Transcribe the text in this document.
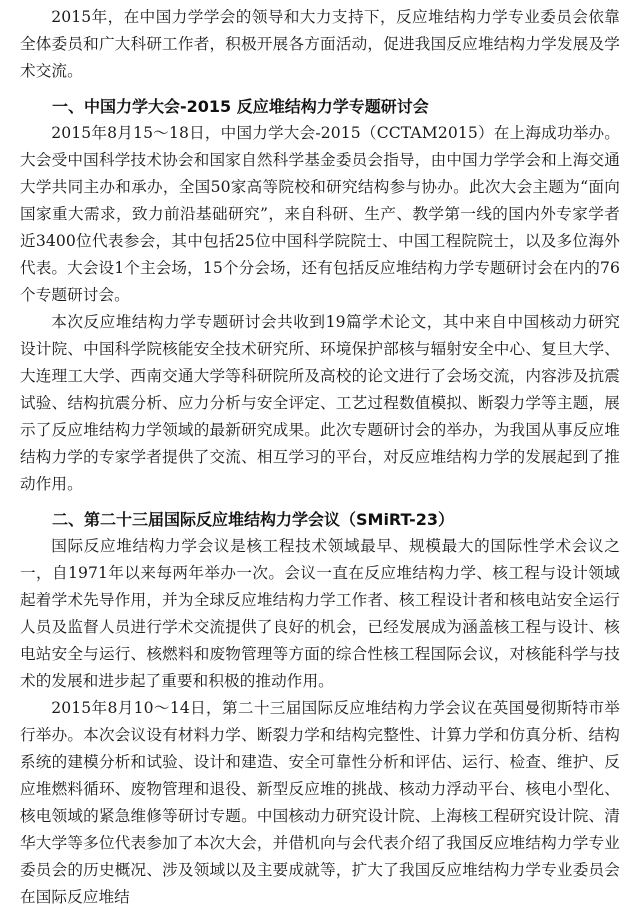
2015年，在中国力学学会的领导和大力支持下，反应堆结构力学专业委员会依靠全体委员和广大科研工作者，积极开展各方面活动，促进我国反应堆结构力学发展及学术交流。

一、中国力学大会-2015 反应堆结构力学专题研讨会

2015年8月15～18日，中国力学大会-2015（CCTAM2015）在上海成功举办。大会受中国科学技术协会和国家自然科学基金委员会指导，由中国力学学会和上海交通大学共同主办和承办，全国50家高等院校和研究结构参与协办。此次大会主题为“面向国家重大需求，致力前沿基础研究”，来自科研、生产、教学第一线的国内外专家学者近3400位代表参会，其中包括25位中国科学院院士、中国工程院院士，以及多位海外代表。大会设1个主会场，15个分会场，还有包括反应堆结构力学专题研讨会在内的76个专题研讨会。

本次反应堆结构力学专题研讨会共收到19篇学术论文，其中来自中国核动力研究设计院、中国科学院核能安全技术研究所、环境保护部核与辐射安全中心、复旦大学、大连理工大学、西南交通大学等科研院所及高校的论文进行了会场交流，内容涉及抗震试验、结构抗震分析、应力分析与安全评定、工艺过程数值模拟、断裂力学等主题，展示了反应堆结构力学领域的最新研究成果。此次专题研讨会的举办，为我国从事反应堆结构力学的专家学者提供了交流、相互学习的平台，对反应堆结构力学的发展起到了推动作用。

二、第二十三届国际反应堆结构力学会议（SMiRT-23）

国际反应堆结构力学会议是核工程技术领域最早、规模最大的国际性学术会议之一，自1971年以来每两年举办一次。会议一直在反应堆结构力学、核工程与设计领域起着学术先导作用，并为全球反应堆结构力学工作者、核工程设计者和核电站安全运行人员及监督人员进行学术交流提供了良好的机会，已经发展成为涵盖核工程与设计、核电站安全与运行、核燃料和废物管理等方面的综合性核工程国际会议，对核能科学与技术的发展和进步起了重要和积极的推动作用。

2015年8月10～14日，第二十三届国际反应堆结构力学会议在英国曼彻斯特市举行举办。本次会议设有材料力学、断裂力学和结构完整性、计算力学和仿真分析、结构系统的建模分析和试验、设计和建造、安全可靠性分析和评估、运行、检查、维护、反应堆燃料循环、废物管理和退役、新型反应堆的挑战、核动力浮动平台、核电小型化、核电领域的紧急维修等研讨专题。中国核动力研究设计院、上海核工程研究设计院、清华大学等多位代表参加了本次大会，并借机向与会代表介绍了我国反应堆结构力学专业委员会的历史概况、涉及领域以及主要成就等，扩大了我国反应堆结构力学专业委员会在国际反应堆结
